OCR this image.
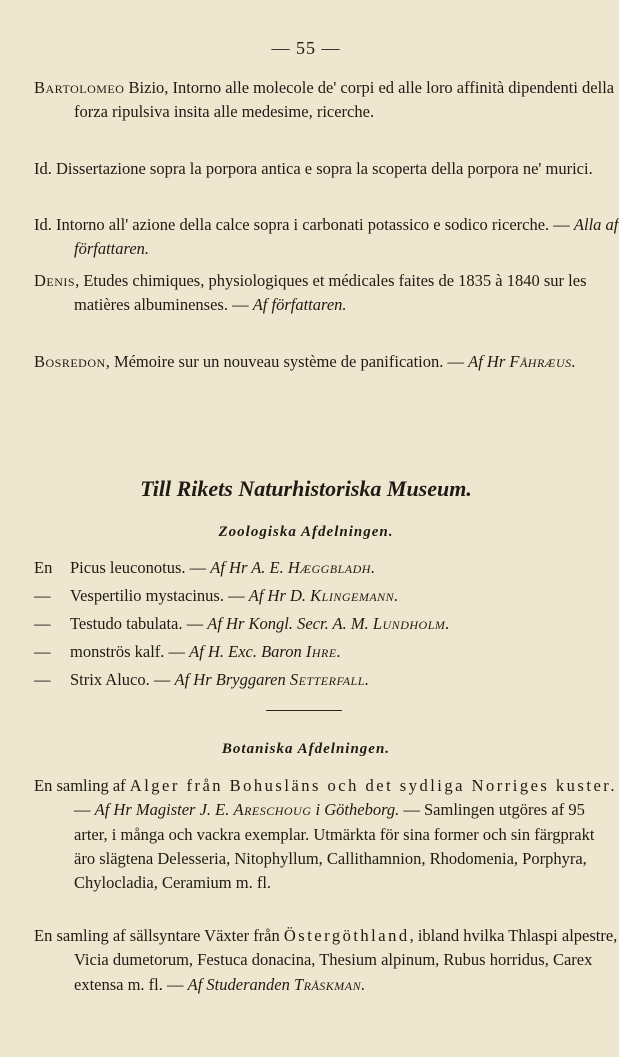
— 55 —
Bartolomeo Bizio, Intorno alle molecole de' corpi ed alle loro affinità dipendenti della forza ripulsiva insita alle medesime, ricerche.
Id. Dissertazione sopra la porpora antica e sopra la scoperta della porpora ne' murici.
Id. Intorno all' azione della calce sopra i carbonati potassico e sodico ricerche. — Alla af författaren.
Denis, Etudes chimiques, physiologiques et médicales faites de 1835 à 1840 sur les matières albuminenses. — Af författaren.
Bosredon, Mémoire sur un nouveau système de panification. — Af Hr Fåhræus.
Till Rikets Naturhistoriska Museum.
Zoologiska Afdelningen.
En Picus leuconotus. — Af Hr A. E. Hæggbladh.
— Vespertilio mystacinus. — Af Hr D. Klingemann.
— Testudo tabulata. — Af Hr Kongl. Secr. A. M. Lundholm.
— monströs kalf. — Af H. Exc. Baron Ihre.
— Strix Aluco. — Af Hr Bryggaren Setterfall.
Botaniska Afdelningen.
En samling af Alger från Bohusläns och det sydliga Norriges kuster. — Af Hr Magister J. E. Areschoug i Götheborg. — Samlingen utgöres af 95 arter, i många och vackra exemplar. Utmärkta för sina former och sin färgprakt äro slägtena Delesseria, Nitophyllum, Callithamnion, Rhodomenia, Porphyra, Chylocladia, Ceramium m. fl.
En samling af sällsyntare Växter från Östergöthland, ibland hvilka Thlaspi alpestre, Vicia dumetorum, Festuca donacina, Thesium alpinum, Rubus horridus, Carex extensa m. fl. — Af Studeranden Tråskman.
